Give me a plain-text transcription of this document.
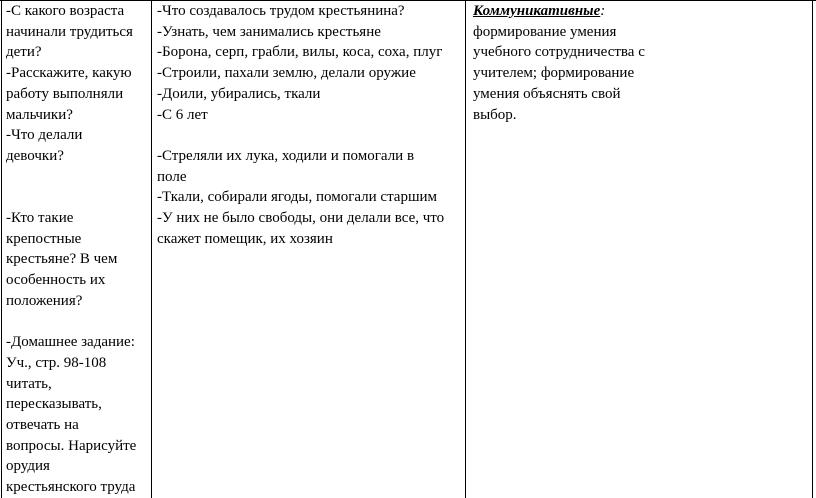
-С какого возраста
начинали трудиться
дети?
-Расскажите, какую
работу выполняли
мальчики?
-Что делали
девочки?
-Кто такие
крепостные
крестьяне? В чем
особенность их
положения?
-Домашнее задание:
Уч., стр. 98-108
читать,
пересказывать,
отвечать на
вопросы. Нарисуйте
орудия
крестьянского труда
-Что создавалось трудом крестьянина?
-Узнать, чем занимались крестьяне
-Борона, серп, грабли, вилы, коса, соха, плуг
-Строили, пахали землю, делали оружие
-Доили, убирались, ткали
-С 6 лет
-Стреляли их лука, ходили и помогали в
поле
-Ткали, собирали ягоды, помогали старшим
-У них не было свободы, они делали все, что
скажет помещик, их хозяин
Коммуникативные:
формирование умения
учебного сотрудничества с
учителем; формирование
умения объяснять свой
выбор.
